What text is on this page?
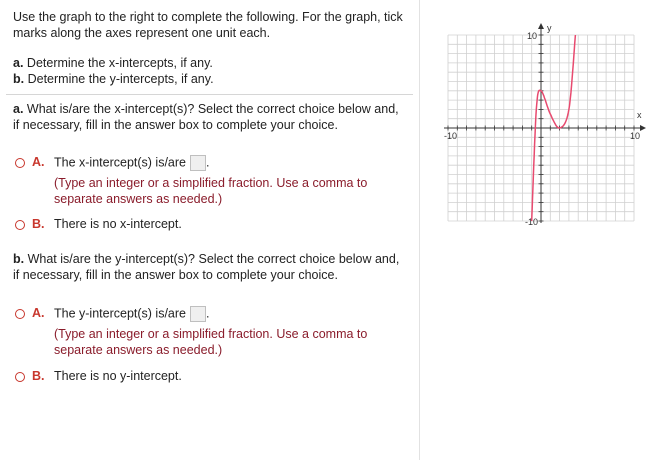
Use the graph to the right to complete the following. For the graph, tick marks along the axes represent one unit each.
a. Determine the x-intercepts, if any.
b. Determine the y-intercepts, if any.
a. What is/are the x-intercept(s)? Select the correct choice below and, if necessary, fill in the answer box to complete your choice.
A. The x-intercept(s) is/are .
(Type an integer or a simplified fraction. Use a comma to separate answers as needed.)
B. There is no x-intercept.
b. What is/are the y-intercept(s)? Select the correct choice below and, if necessary, fill in the answer box to complete your choice.
A. The y-intercept(s) is/are .
(Type an integer or a simplified fraction. Use a comma to separate answers as needed.)
B. There is no y-intercept.
y
x
10
-10
-10	10
